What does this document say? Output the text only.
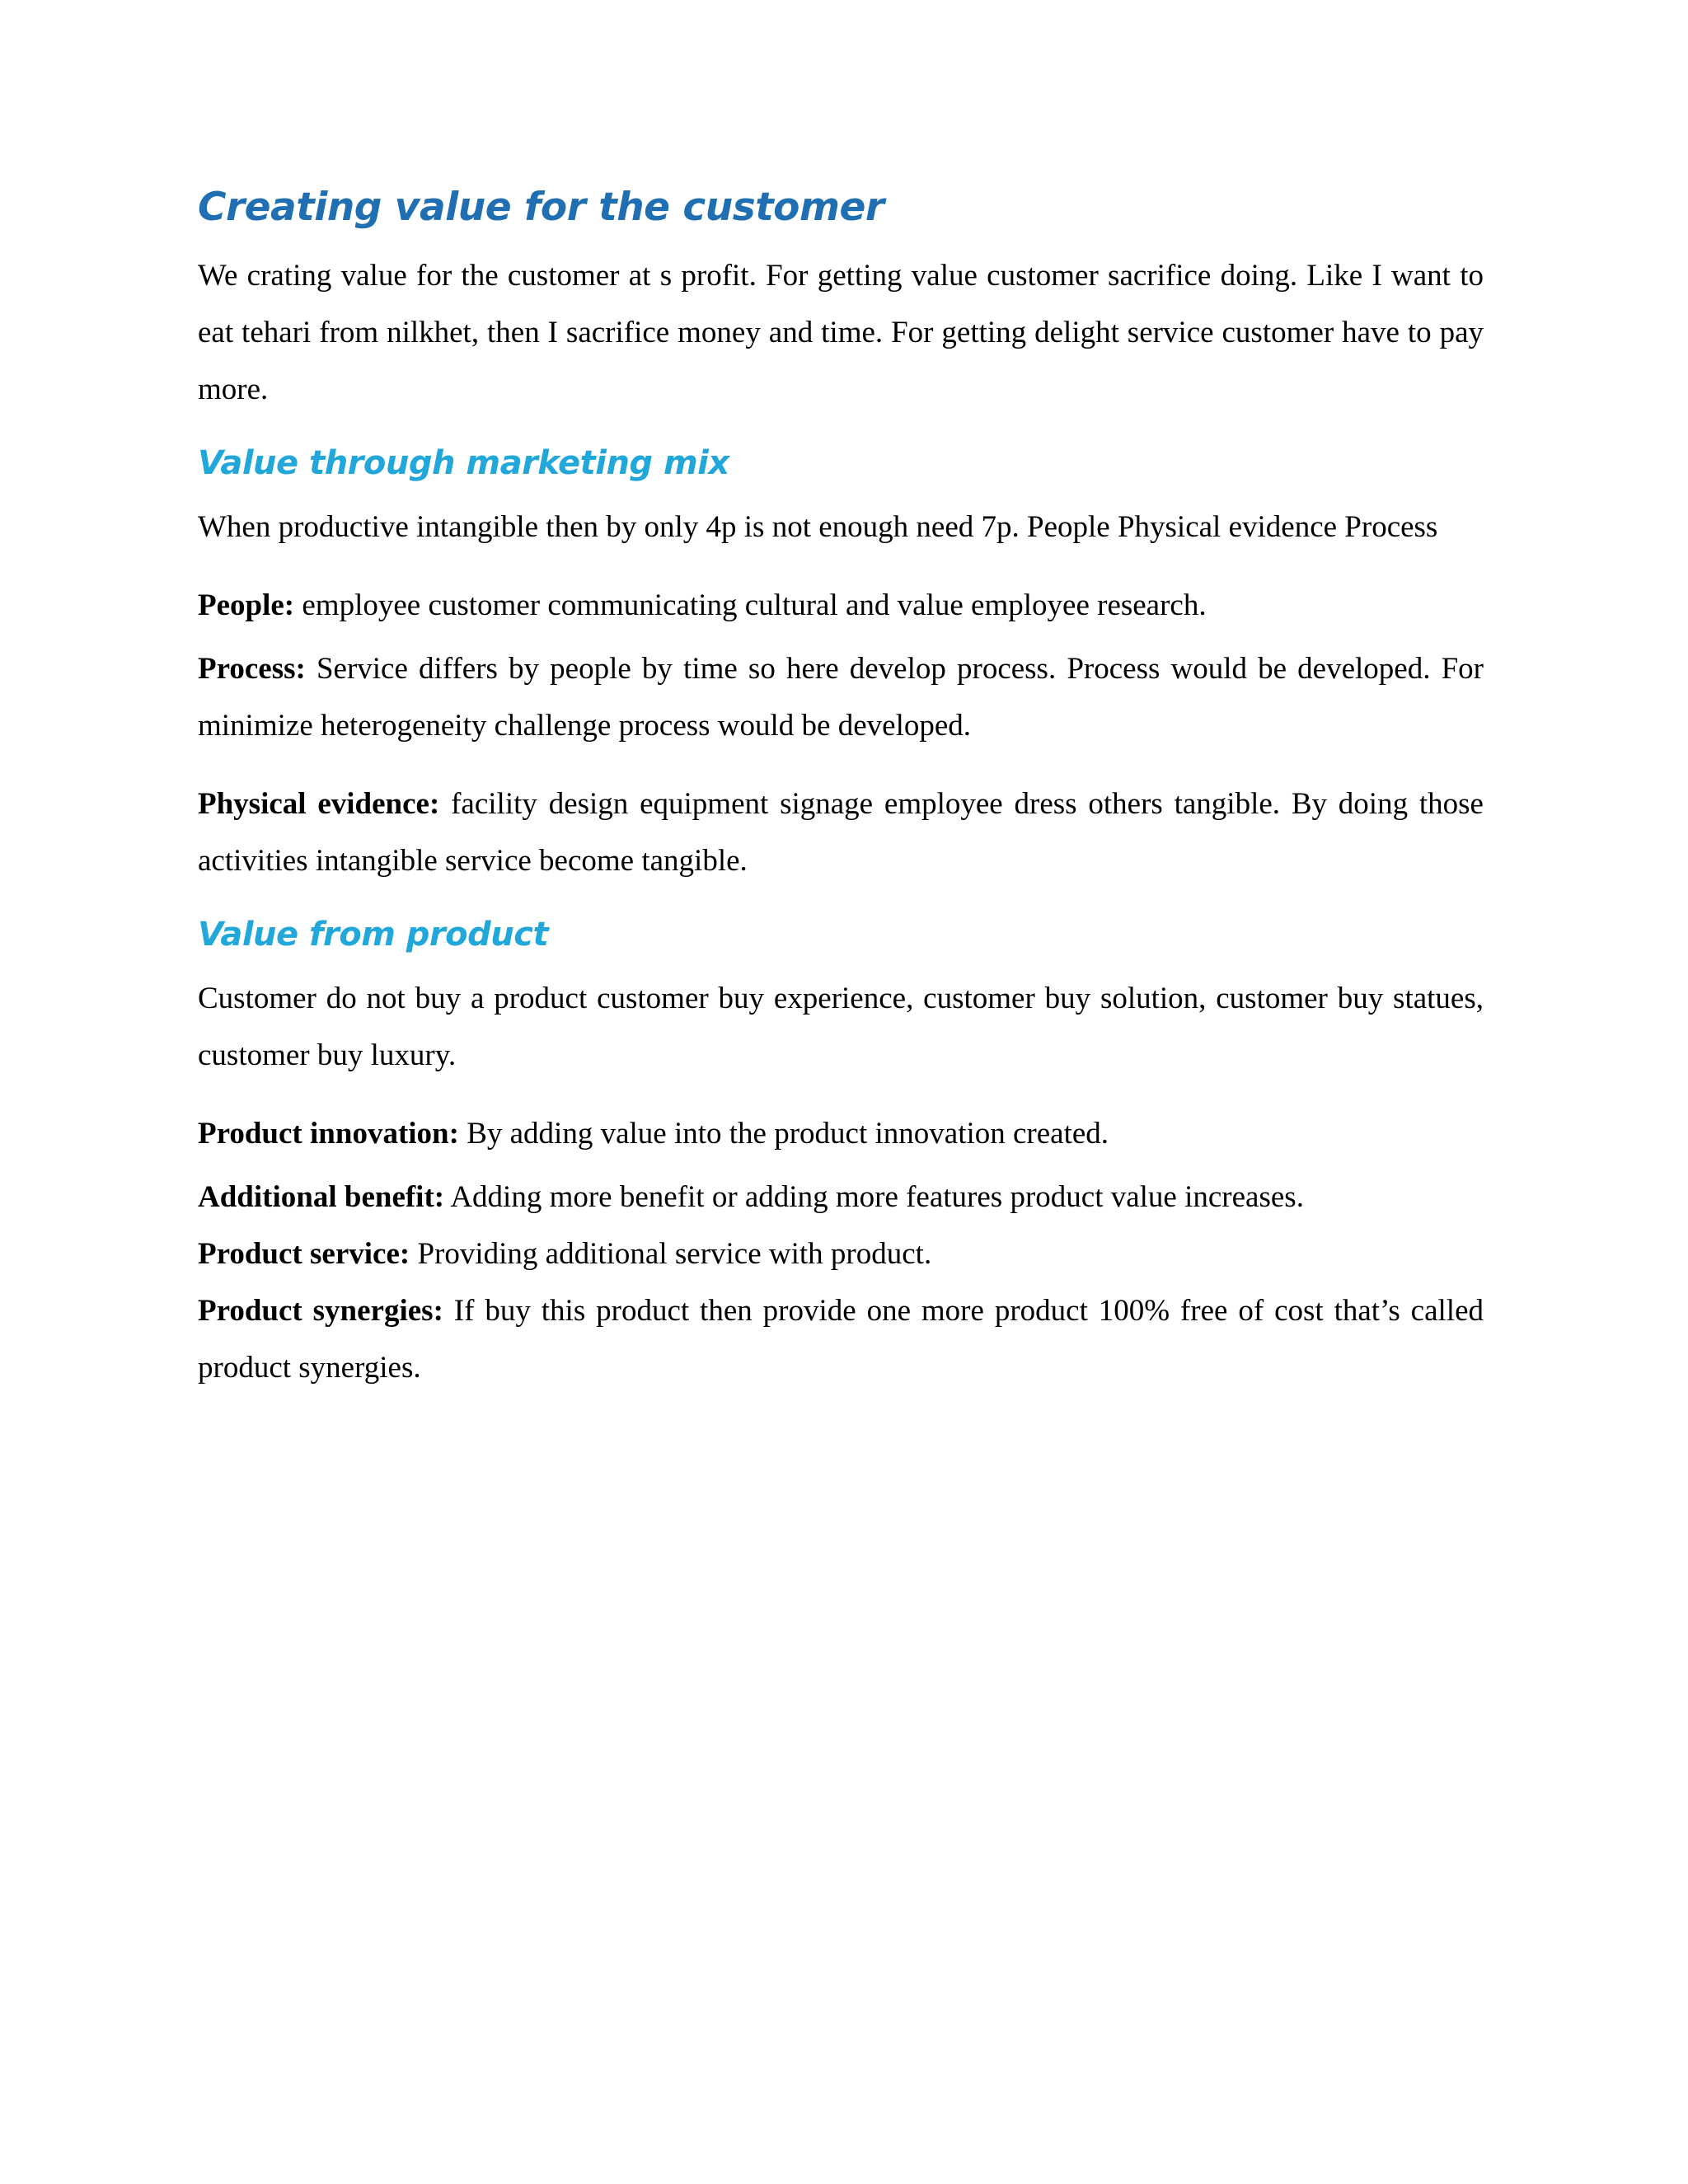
Creating value for the customer

We crating value for the customer at s profit. For getting value customer sacrifice doing. Like I want to eat tehari from nilkhet, then I sacrifice money and time. For getting delight service customer have to pay more.

Value through marketing mix

When productive intangible then by only 4p is not enough need 7p. People Physical evidence Process

People: employee customer communicating cultural and value employee research.

Process: Service differs by people by time so here develop process. Process would be developed. For minimize heterogeneity challenge process would be developed.

Physical evidence: facility design equipment signage employee dress others tangible. By doing those activities intangible service become tangible.

Value from product

Customer do not buy a product customer buy experience, customer buy solution, customer buy statues, customer buy luxury.

Product innovation: By adding value into the product innovation created.

Additional benefit: Adding more benefit or adding more features product value increases.

Product service: Providing additional service with product.

Product synergies: If buy this product then provide one more product 100% free of cost that’s called product synergies.
